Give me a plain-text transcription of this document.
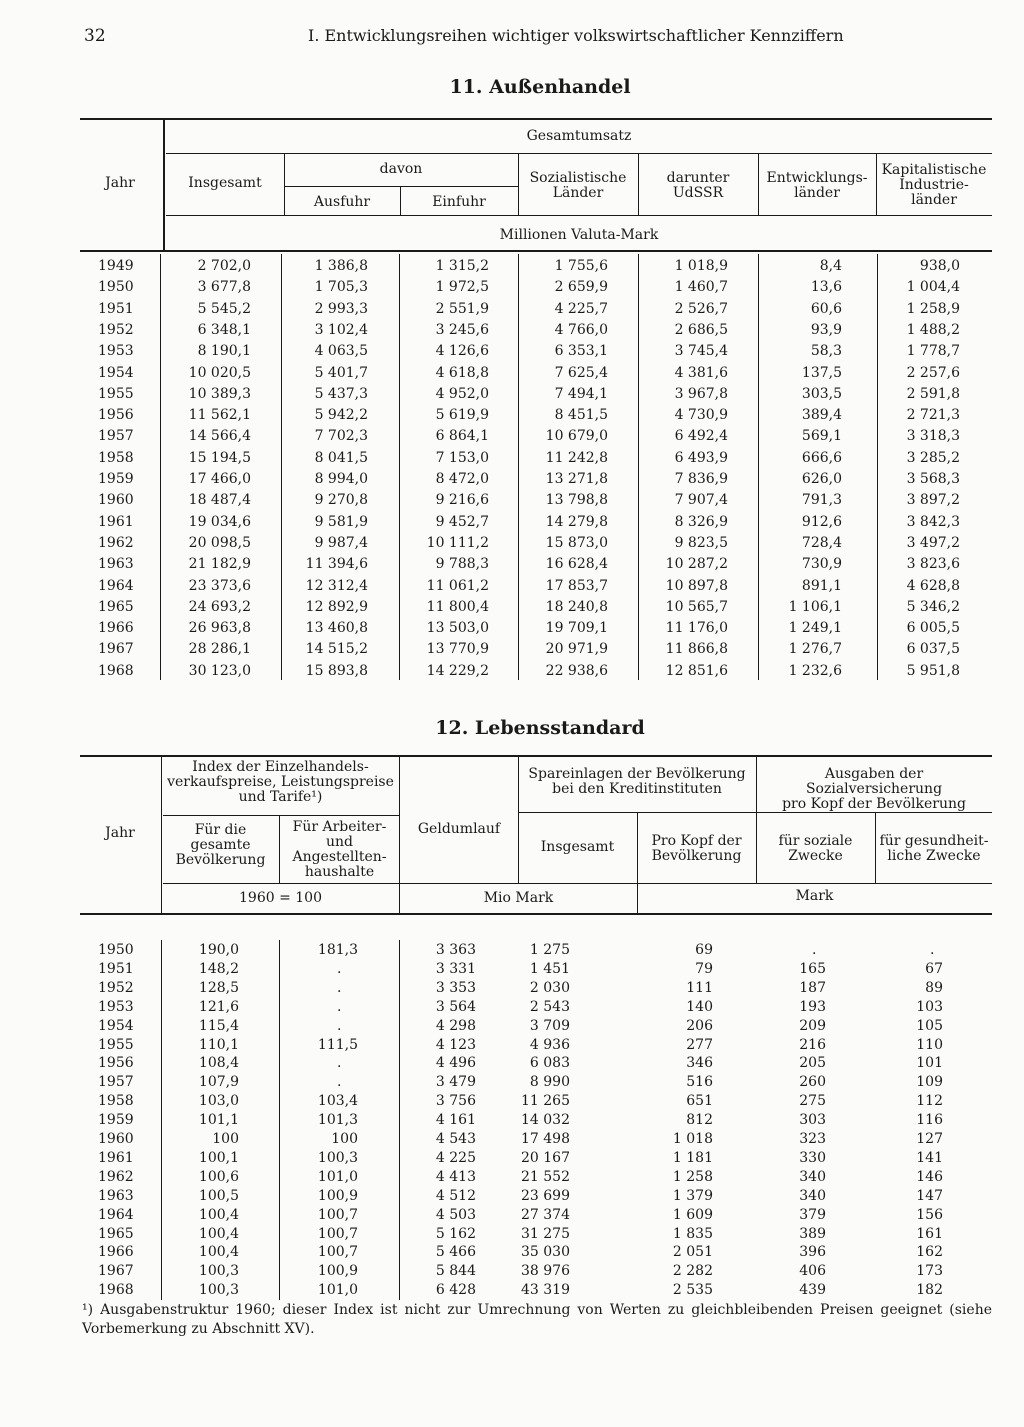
32	I. Entwicklungsreihen wichtiger volkswirtschaftlicher Kennziffern
11. Außenhandel
Jahr
Gesamtumsatz
Insgesamt
davon
Ausfuhr	Einfuhr
Sozialistische
Länder
darunter
UdSSR
Entwicklungs-
länder
Kapitalistische
Industrie-
länder
Millionen Valuta-Mark
1949	2 702,0	1 386,8	1 315,2	1 755,6	1 018,9	8,4	938,0
1950	3 677,8	1 705,3	1 972,5	2 659,9	1 460,7	13,6	1 004,4
1951	5 545,2	2 993,3	2 551,9	4 225,7	2 526,7	60,6	1 258,9
1952	6 348,1	3 102,4	3 245,6	4 766,0	2 686,5	93,9	1 488,2
1953	8 190,1	4 063,5	4 126,6	6 353,1	3 745,4	58,3	1 778,7
1954	10 020,5	5 401,7	4 618,8	7 625,4	4 381,6	137,5	2 257,6
1955	10 389,3	5 437,3	4 952,0	7 494,1	3 967,8	303,5	2 591,8
1956	11 562,1	5 942,2	5 619,9	8 451,5	4 730,9	389,4	2 721,3
1957	14 566,4	7 702,3	6 864,1	10 679,0	6 492,4	569,1	3 318,3
1958	15 194,5	8 041,5	7 153,0	11 242,8	6 493,9	666,6	3 285,2
1959	17 466,0	8 994,0	8 472,0	13 271,8	7 836,9	626,0	3 568,3
1960	18 487,4	9 270,8	9 216,6	13 798,8	7 907,4	791,3	3 897,2
1961	19 034,6	9 581,9	9 452,7	14 279,8	8 326,9	912,6	3 842,3
1962	20 098,5	9 987,4	10 111,2	15 873,0	9 823,5	728,4	3 497,2
1963	21 182,9	11 394,6	9 788,3	16 628,4	10 287,2	730,9	3 823,6
1964	23 373,6	12 312,4	11 061,2	17 853,7	10 897,8	891,1	4 628,8
1965	24 693,2	12 892,9	11 800,4	18 240,8	10 565,7	1 106,1	5 346,2
1966	26 963,8	13 460,8	13 503,0	19 709,1	11 176,0	1 249,1	6 005,5
1967	28 286,1	14 515,2	13 770,9	20 971,9	11 866,8	1 276,7	6 037,5
1968	30 123,0	15 893,8	14 229,2	22 938,6	12 851,6	1 232,6	5 951,8
12. Lebensstandard
Jahr
Index der Einzelhandels-
verkaufspreise, Leistungspreise
und Tarife¹)
Für die
gesamte
Bevölkerung
Für Arbeiter-
und
Angestellten-
haushalte
Geldumlauf
Spareinlagen der Bevölkerung
bei den Kreditinstituten
Insgesamt	Pro Kopf der
Bevölkerung
Ausgaben der Sozialversicherung
pro Kopf der Bevölkerung
für soziale
Zwecke
für gesundheit-
liche Zwecke
1960 = 100	Mio Mark	Mark
1950	190,0	181,3	3 363	1 275	69	.	.
1951	148,2	.	3 331	1 451	79	165	67
1952	128,5	.	3 353	2 030	111	187	89
1953	121,6	.	3 564	2 543	140	193	103
1954	115,4	.	4 298	3 709	206	209	105
1955	110,1	111,5	4 123	4 936	277	216	110
1956	108,4	.	4 496	6 083	346	205	101
1957	107,9	.	3 479	8 990	516	260	109
1958	103,0	103,4	3 756	11 265	651	275	112
1959	101,1	101,3	4 161	14 032	812	303	116
1960	100	100	4 543	17 498	1 018	323	127
1961	100,1	100,3	4 225	20 167	1 181	330	141
1962	100,6	101,0	4 413	21 552	1 258	340	146
1963	100,5	100,9	4 512	23 699	1 379	340	147
1964	100,4	100,7	4 503	27 374	1 609	379	156
1965	100,4	100,7	5 162	31 275	1 835	389	161
1966	100,4	100,7	5 466	35 030	2 051	396	162
1967	100,3	100,9	5 844	38 976	2 282	406	173
1968	100,3	101,0	6 428	43 319	2 535	439	182
¹) Ausgabenstruktur 1960; dieser Index ist nicht zur Umrechnung von Werten zu gleichbleibenden Preisen geeignet (siehe Vorbemerkung zu Abschnitt XV).
